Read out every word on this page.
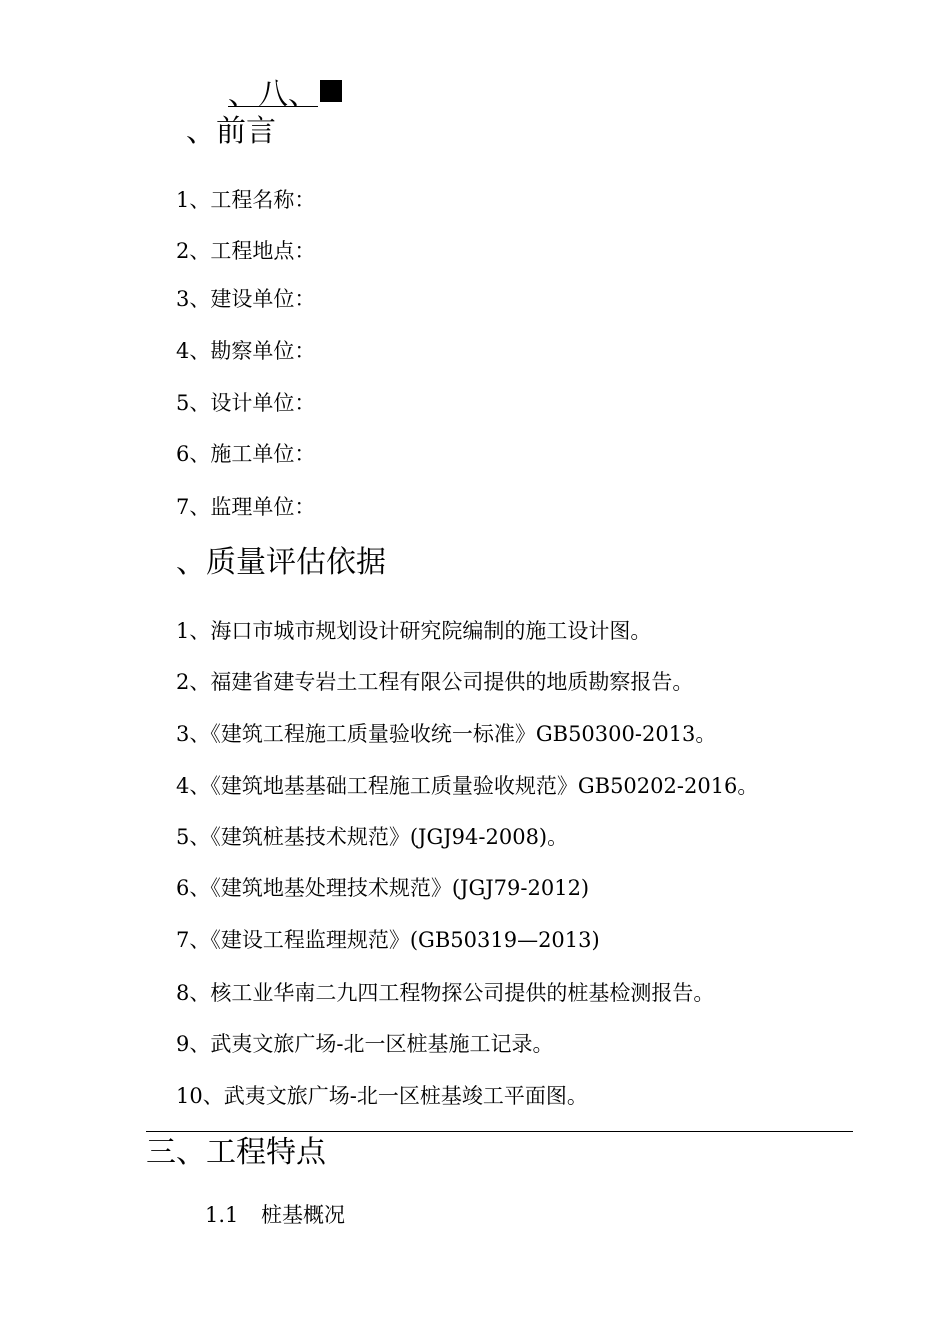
、八、
、前言
1、工程名称：
2、工程地点：
3、建设单位：
4、勘察单位：
5、设计单位：
6、施工单位：
7、监理单位：
、质量评估依据
1、海口市城市规划设计研究院编制的施工设计图。
2、福建省建专岩土工程有限公司提供的地质勘察报告。
3、《建筑工程施工质量验收统一标准》GB50300-2013。
4、《建筑地基基础工程施工质量验收规范》GB50202-2016。
5、《建筑桩基技术规范》(JGJ94-2008)。
6、《建筑地基处理技术规范》(JGJ79-2012)
7、《建设工程监理规范》(GB50319—2013)
8、核工业华南二九四工程物探公司提供的桩基检测报告。
9、武夷文旅广场-北一区桩基施工记录。
10、武夷文旅广场-北一区桩基竣工平面图。
三、工程特点
1.1 桩基概况
